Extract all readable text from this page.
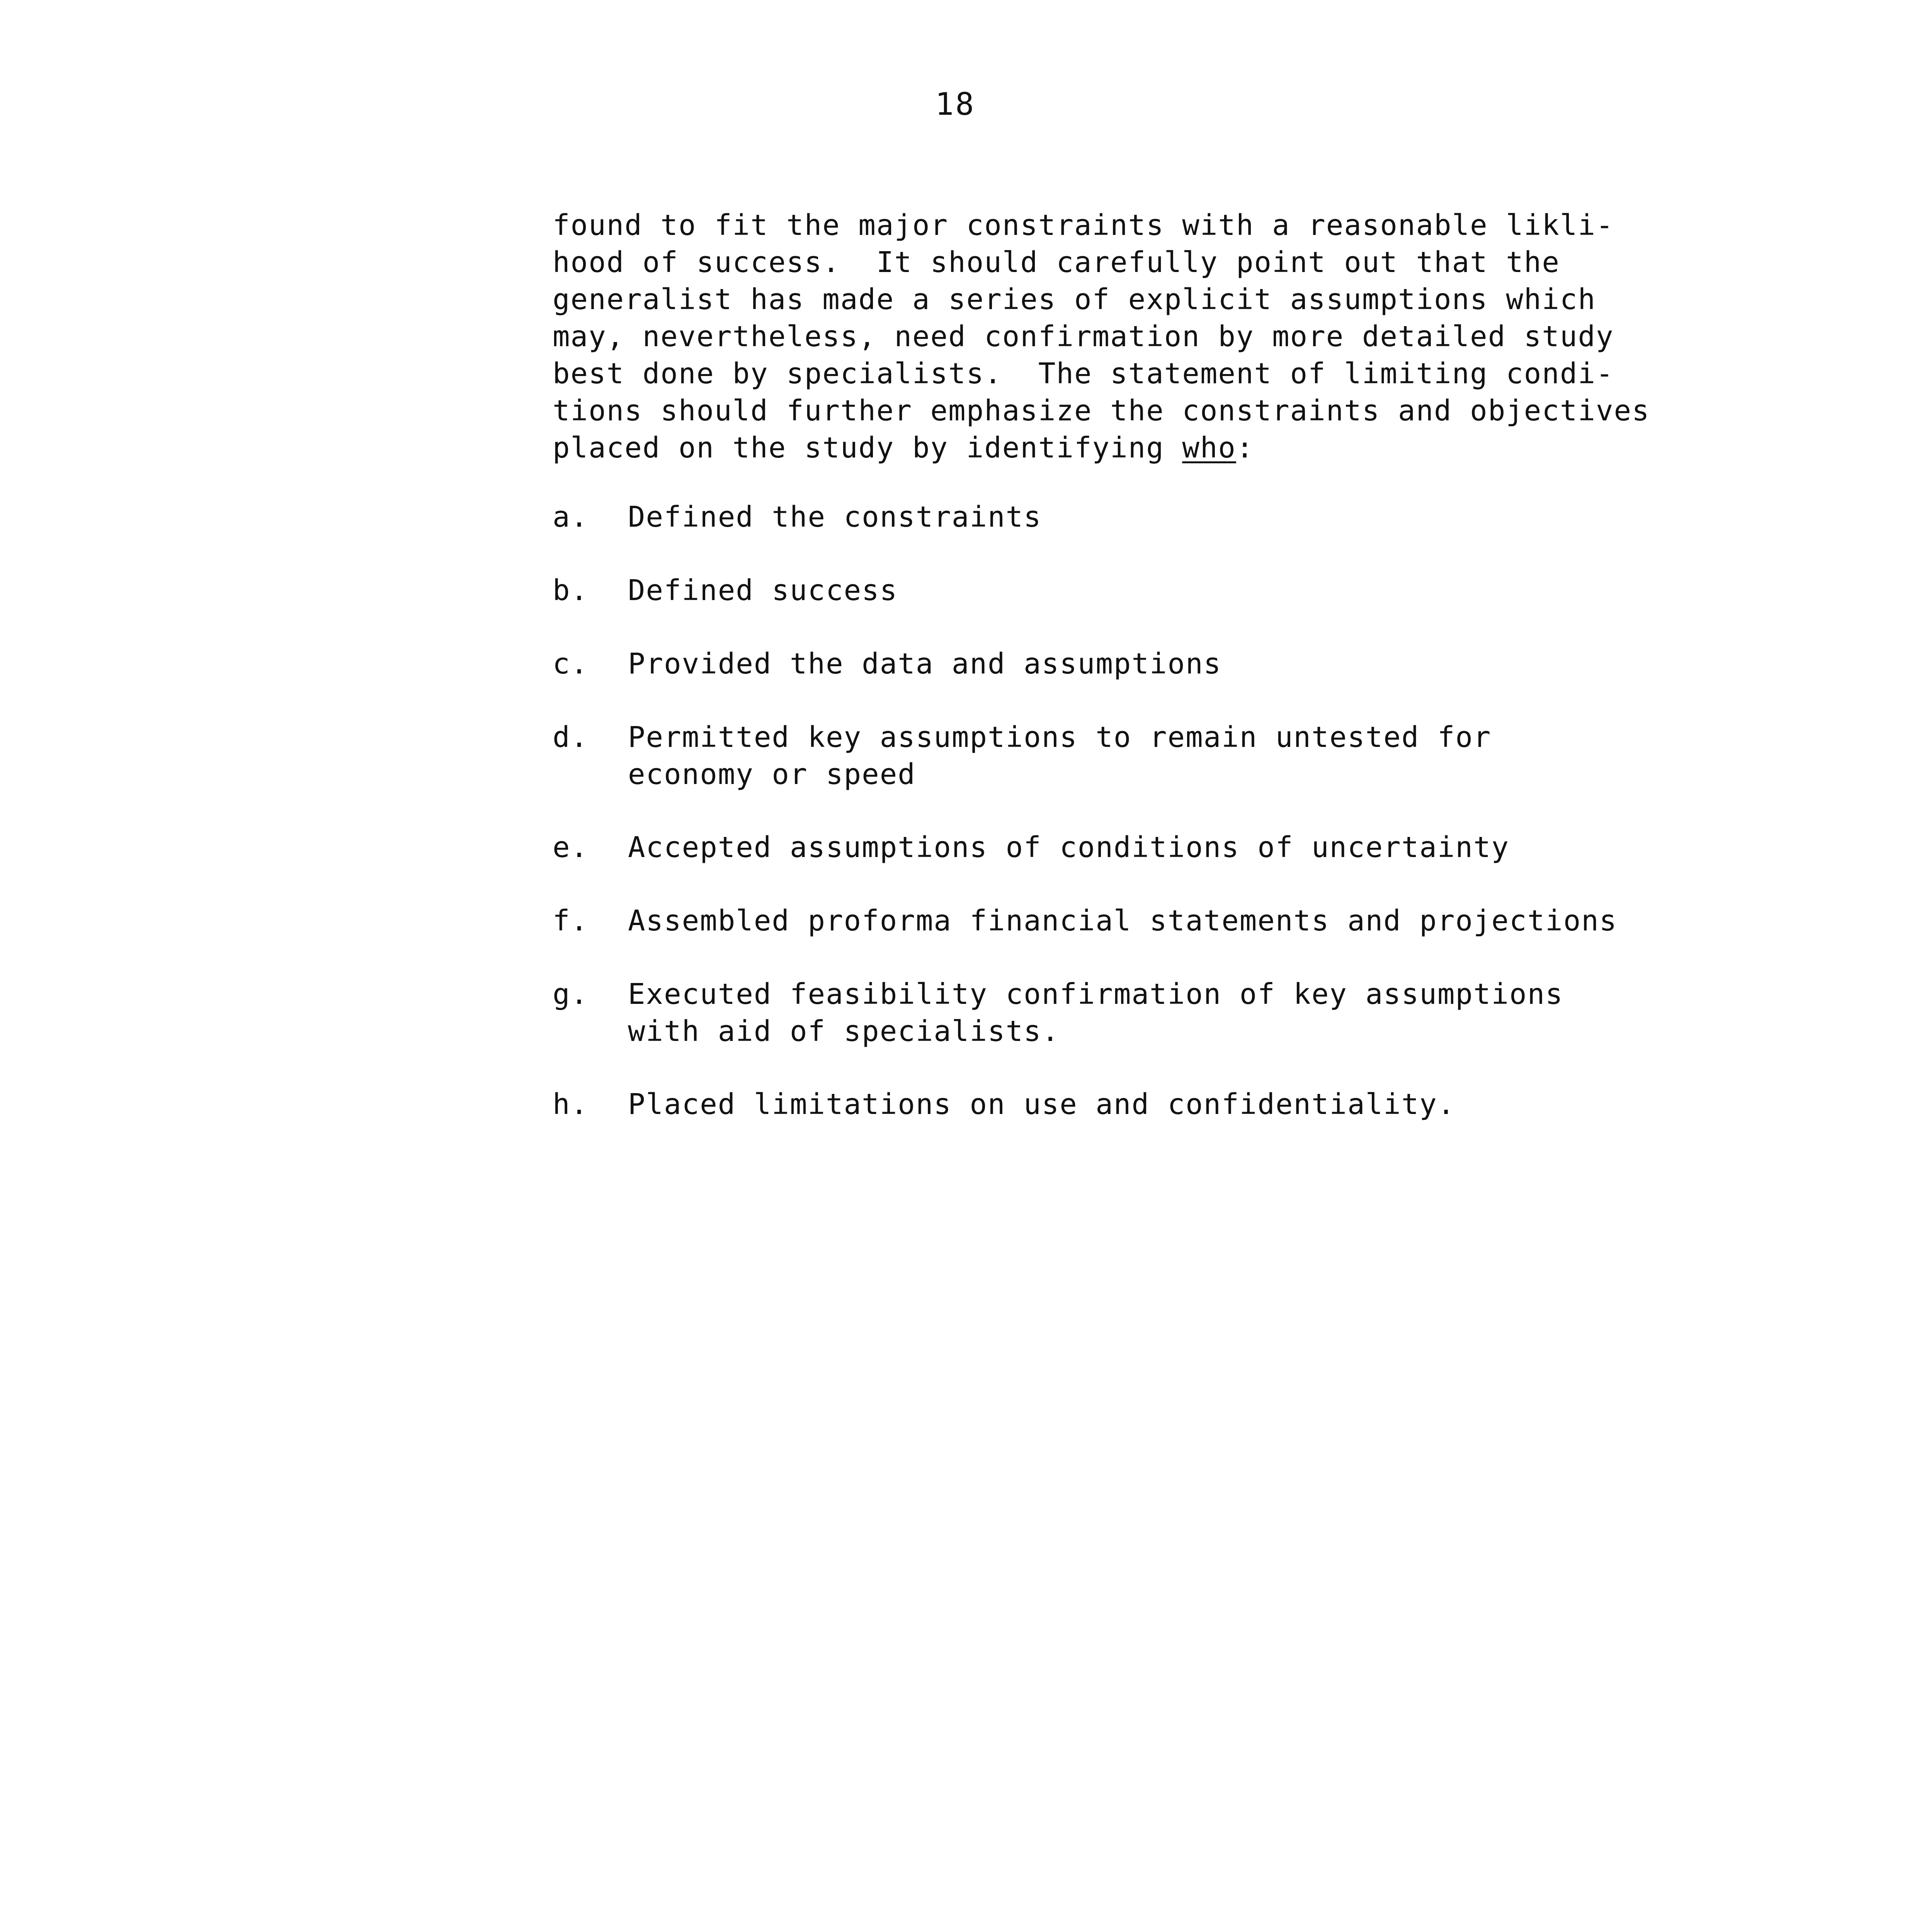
18
found to fit the major constraints with a reasonable likli-
hood of success.  It should carefully point out that the
generalist has made a series of explicit assumptions which
may, nevertheless, need confirmation by more detailed study
best done by specialists.  The statement of limiting condi-
tions should further emphasize the constraints and objectives
placed on the study by identifying who:
a.	Defined the constraints
b.	Defined success
c.	Provided the data and assumptions
d.	Permitted key assumptions to remain untested for
economy or speed
e.	Accepted assumptions of conditions of uncertainty
f.	Assembled proforma financial statements and projections
g.	Executed feasibility confirmation of key assumptions
with aid of specialists.
h.	Placed limitations on use and confidentiality.
